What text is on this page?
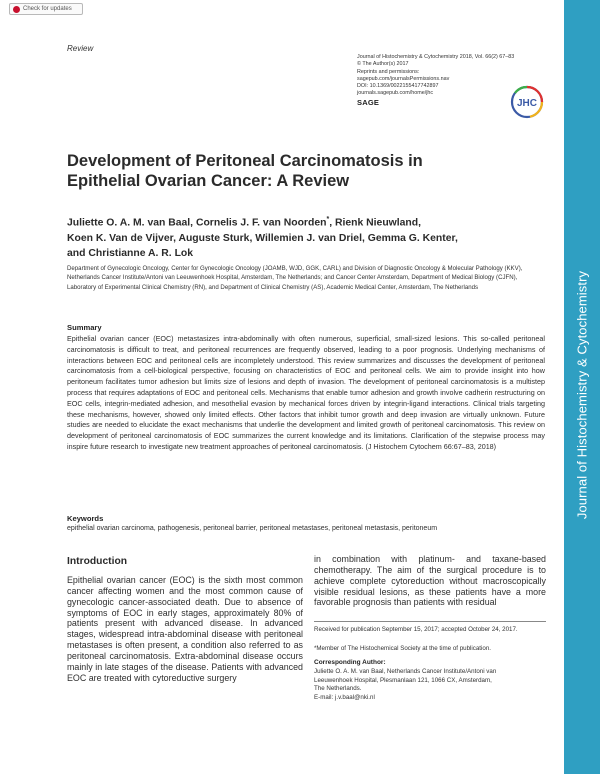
Check for updates
Review
Journal of Histochemistry & Cytochemistry 2018, Vol. 66(2) 67–83
© The Author(s) 2017
Reprints and permissions:
sagepub.com/journalsPermissions.nav
DOI: 10.1369/0022155417742897
journals.sagepub.com/home/jhc
SAGE	JHC
Development of Peritoneal Carcinomatosis in Epithelial Ovarian Cancer: A Review
Juliette O. A. M. van Baal, Cornelis J. F. van Noorden*, Rienk Nieuwland,
Koen K. Van de Vijver, Auguste Sturk, Willemien J. van Driel, Gemma G. Kenter,
and Christianne A. R. Lok

Department of Gynecologic Oncology, Center for Gynecologic Oncology (JOAMB, WJD, GGK, CARL) and Division of Diagnostic Oncology & Molecular Pathology (KKV), Netherlands Cancer Institute/Antoni van Leeuwenhoek Hospital, Amsterdam, The Netherlands; and Cancer Center Amsterdam, Department of Medical Biology (CJFN), Laboratory of Experimental Clinical Chemistry (RN), and Department of Clinical Chemistry (AS), Academic Medical Center, Amsterdam, The Netherlands

Summary

Epithelial ovarian cancer (EOC) metastasizes intra-abdominally with often numerous, superficial, small-sized lesions. This so-called peritoneal carcinomatosis is difficult to treat, and peritoneal recurrences are frequently observed, leading to a poor prognosis. Underlying mechanisms of interactions between EOC and peritoneal cells are incompletely understood. This review summarizes and discusses the development of peritoneal carcinomatosis from a cell-biological perspective, focusing on characteristics of EOC and peritoneal cells. We aim to provide insight into how peritoneum facilitates tumor adhesion but limits size of lesions and depth of invasion. The development of peritoneal carcinomatosis is a multistep process that requires adaptations of EOC and peritoneal cells. Mechanisms that enable tumor adhesion and growth involve cadherin restructuring on EOC cells, integrin-mediated adhesion, and mesothelial evasion by mechanical forces driven by integrin-ligand interactions. Clinical trials targeting these mechanisms, however, showed only limited effects. Other factors that inhibit tumor growth and deep invasion are virtually unknown. Future studies are needed to elucidate the exact mechanisms that underlie the development and limited growth of peritoneal carcinomatosis. This review on development of peritoneal carcinomatosis of EOC summarizes the current knowledge and its limitations. Clarification of the stepwise process may inspire future research to investigate new treatment approaches of peritoneal carcinomatosis. (J Histochem Cytochem 66:67–83, 2018)

Keywords

epithelial ovarian carcinoma, pathogenesis, peritoneal barrier, peritoneal metastases, peritoneal metastasis, peritoneum

Introduction

Epithelial ovarian cancer (EOC) is the sixth most common cancer affecting women and the most common cause of gynecologic cancer-associated death. Due to absence of symptoms of EOC in early stages, approximately 80% of patients present with advanced disease. In advanced stages, widespread intra-abdominal disease with peritoneal metastases is often present, a condition also referred to as peritoneal carcinomatosis. Extra-abdominal disease occurs mainly in late stages of the disease. Patients with advanced EOC are treated with cytoreductive surgery

in combination with platinum- and taxane-based chemotherapy. The aim of the surgical procedure is to achieve complete cytoreduction without macroscopically visible residual lesions, as these patients have a more favorable prognosis than patients with residual

Received for publication September 15, 2017; accepted October 24, 2017.

*Member of The Histochemical Society at the time of publication.

Corresponding Author:
Juliette O. A. M. van Baal, Netherlands Cancer Institute/Antoni van
Leeuwenhoek Hospital, Plesmanlaan 121, 1066 CX, Amsterdam,
The Netherlands.
E-mail: j.v.baal@nki.nl
Journal of Histochemistry & Cytochemistry
